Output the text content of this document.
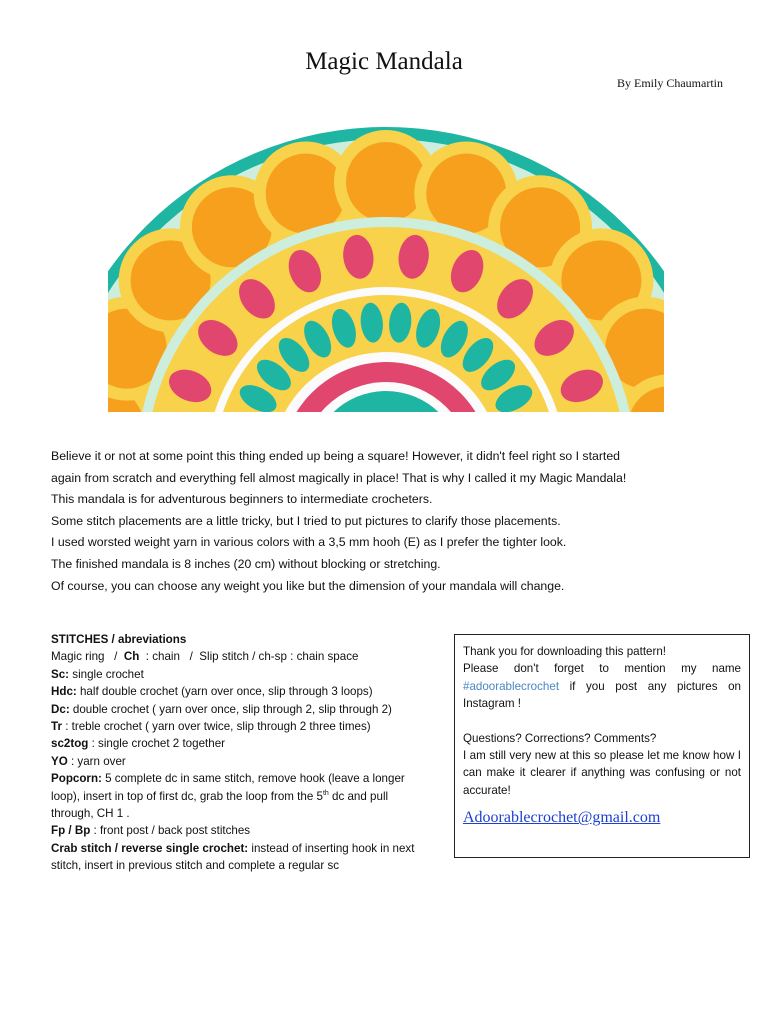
Magic Mandala
By Emily Chaumartin
Believe it or not at some point this thing ended up being a square! However, it didn't feel right so I started
again from scratch and everything fell almost magically in place! That is why I called it my Magic Mandala!
This mandala is for adventurous beginners to intermediate crocheters.
Some stitch placements are a little tricky, but I tried to put pictures to clarify those placements.
I used worsted weight yarn in various colors with a 3,5 mm hooh (E) as I prefer the tighter look.
The finished mandala is 8 inches (20 cm) without blocking or stretching.
Of course, you can choose any weight you like but the dimension of your mandala will change.
STITCHES / abreviations
Magic ring   /  Ch : chain   /  Slip stitch / ch-sp : chain space
Sc: single crochet
Hdc: half double crochet (yarn over once, slip through 3 loops)
Dc: double crochet ( yarn over once, slip through 2, slip through 2)
Tr : treble crochet ( yarn over twice, slip through 2 three times)
sc2tog : single crochet 2 together
YO : yarn over
Popcorn: 5 complete dc in same stitch, remove hook (leave a longer
loop), insert in top of first dc, grab the loop from the 5th dc and pull
through, CH 1 .
Fp / Bp : front post / back post stitches
Crab stitch / reverse single crochet: instead of inserting hook in next
stitch, insert in previous stitch and complete a regular sc
Thank you for downloading this pattern!
Please don't forget to mention my name #adoorablecrochet if you post any pictures on Instagram !
Questions? Corrections? Comments?
I am still very new at this so please let me know how I can make it clearer if anything was confusing or not accurate!
Adoorablecrochet@gmail.com
